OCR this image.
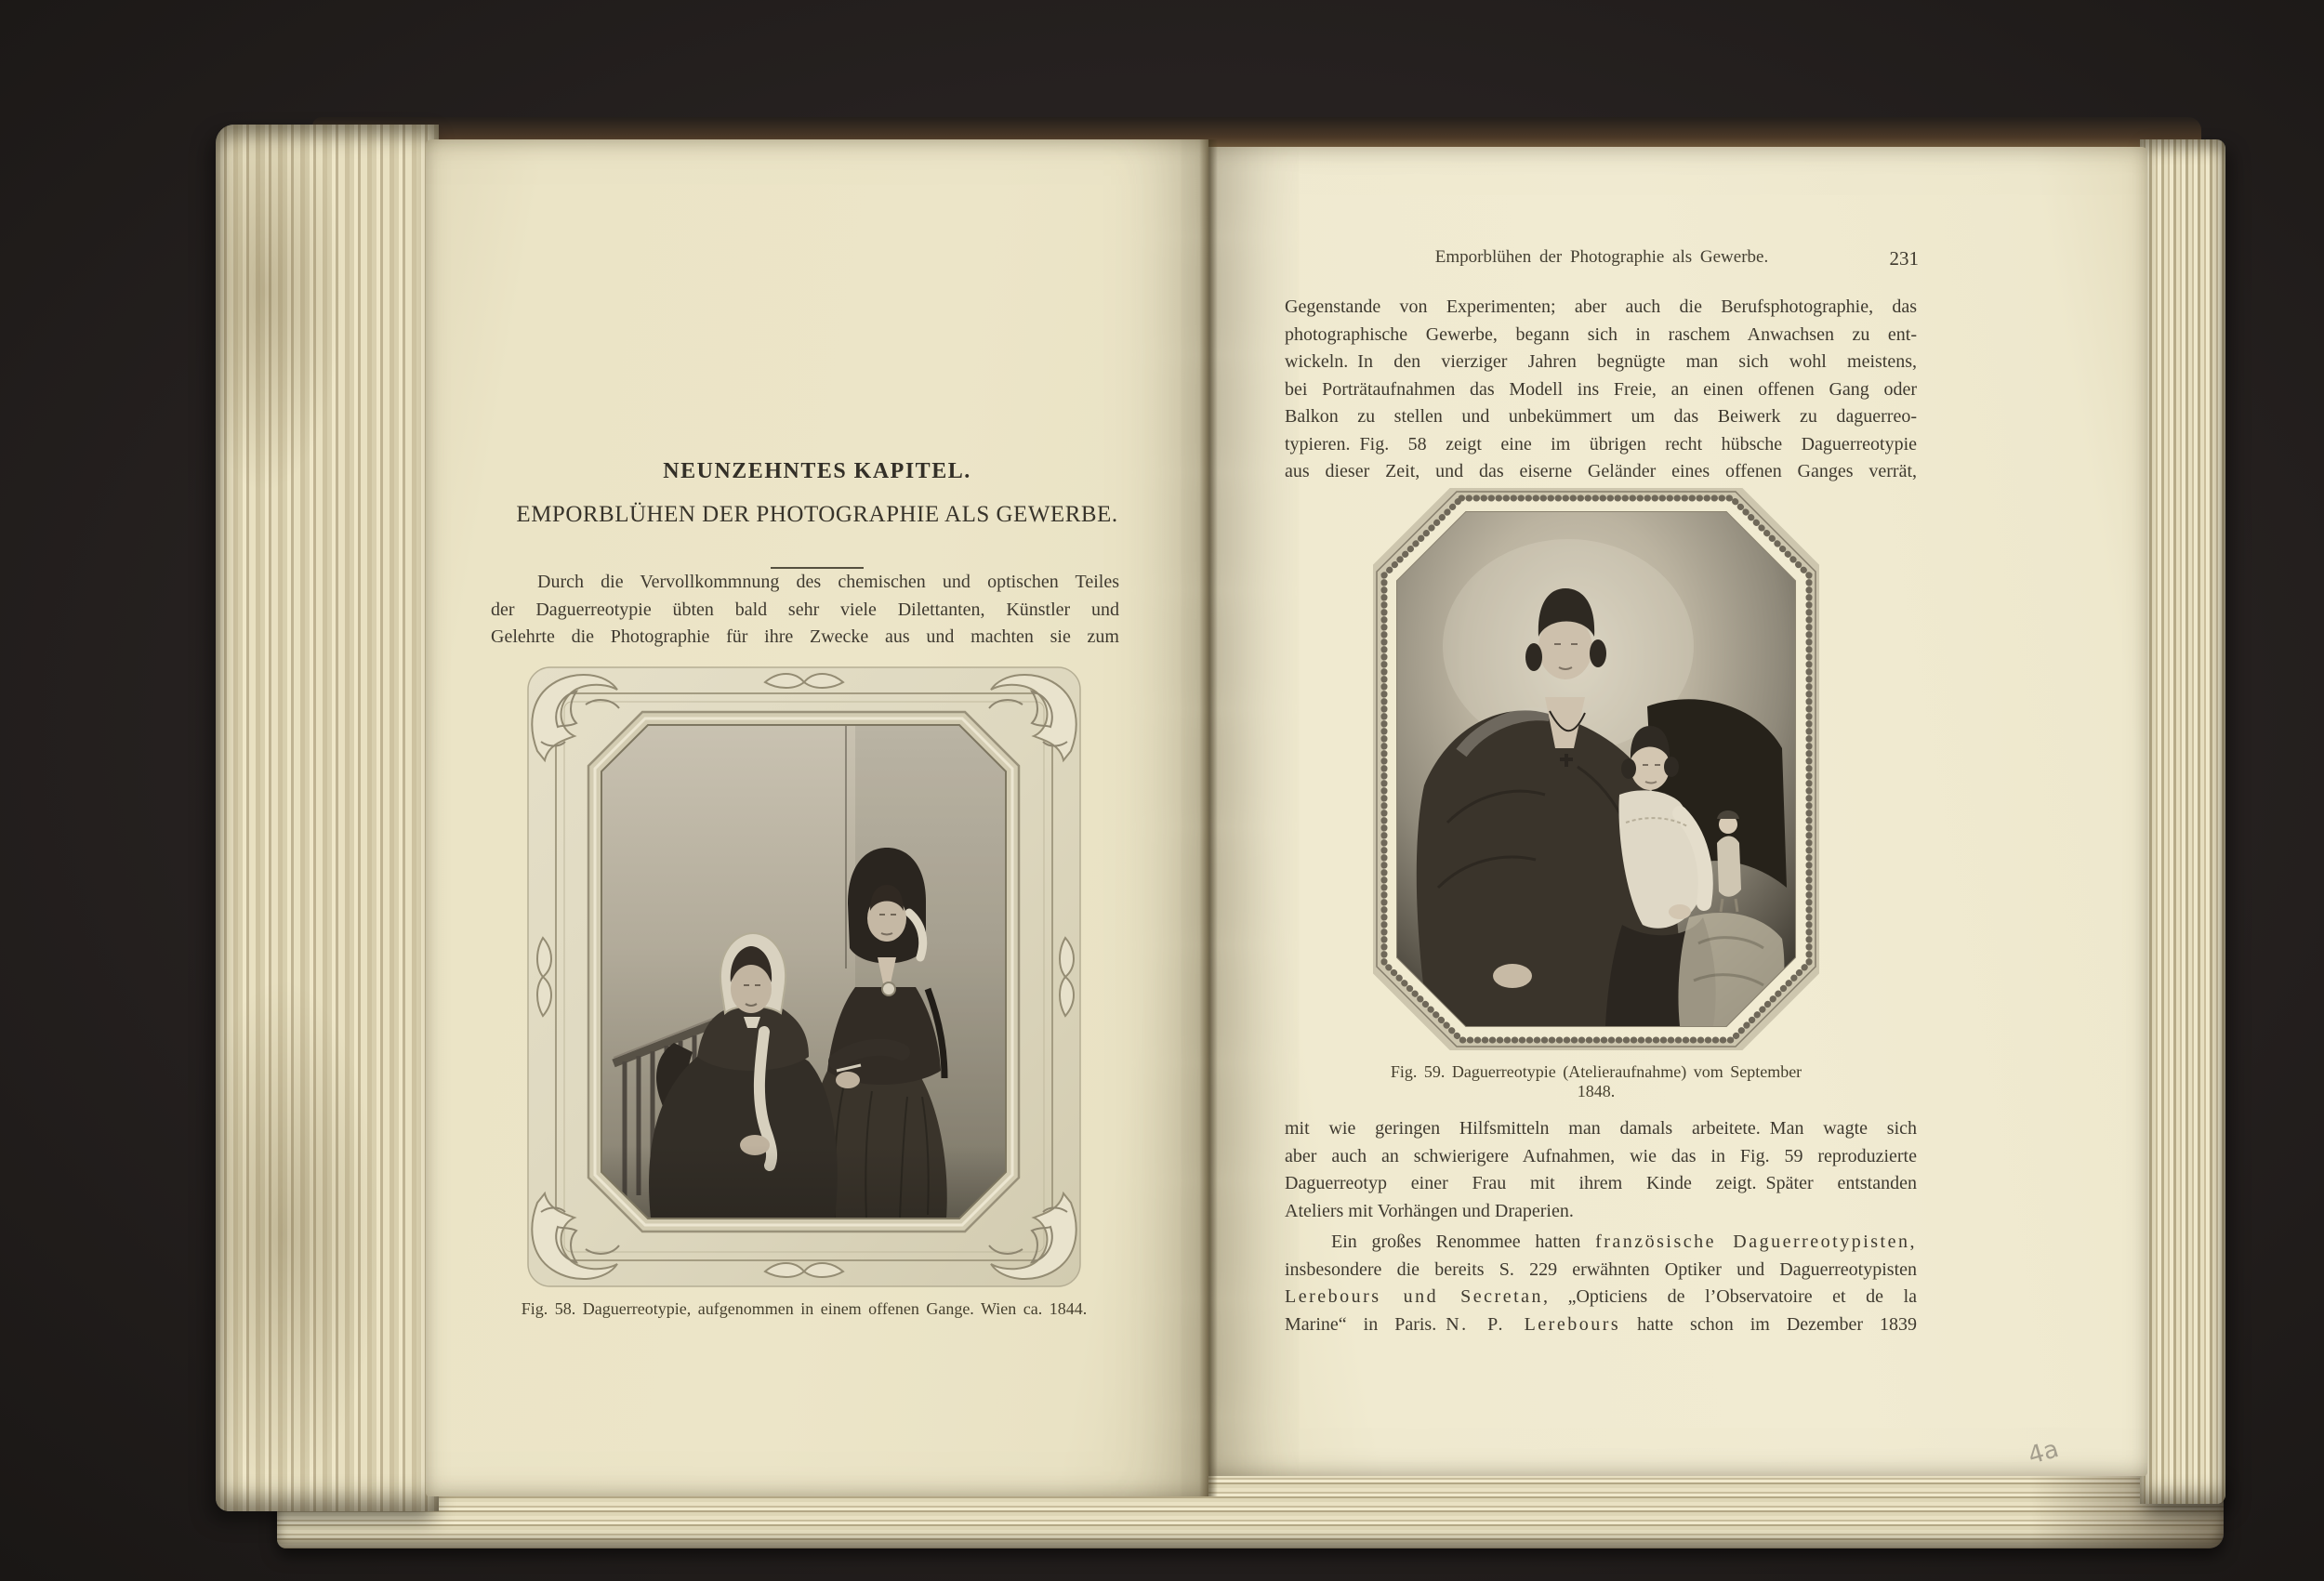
NEUNZEHNTES KAPITEL.
EMPORBLÜHEN DER PHOTOGRAPHIE ALS GEWERBE.
Durch die Vervollkommnung des chemischen und optischen Teiles
der Daguerreotypie übten bald sehr viele Dilettanten, Künstler und
Gelehrte die Photographie für ihre Zwecke aus und machten sie zum
Fig. 58. Daguerreotypie, aufgenommen in einem offenen Gange. Wien ca. 1844.
Emporblühen der Photographie als Gewerbe.	231
Gegenstande von Experimenten; aber auch die Berufsphotographie, das
photographische Gewerbe, begann sich in raschem Anwachsen zu ent-
wickeln. In den vierziger Jahren begnügte man sich wohl meistens,
bei Porträtaufnahmen das Modell ins Freie, an einen offenen Gang oder
Balkon zu stellen und unbekümmert um das Beiwerk zu daguerreo-
typieren. Fig. 58 zeigt eine im übrigen recht hübsche Daguerreotypie
aus dieser Zeit, und das eiserne Geländer eines offenen Ganges verrät,
Fig. 59. Daguerreotypie (Atelieraufnahme) vom September 1848.
mit wie geringen Hilfsmitteln man damals arbeitete. Man wagte sich
aber auch an schwierigere Aufnahmen, wie das in Fig. 59 reproduzierte
Daguerreotyp einer Frau mit ihrem Kinde zeigt. Später entstanden
Ateliers mit Vorhängen und Draperien.
Ein großes Renommee hatten französische Daguerreotypisten,
insbesondere die bereits S. 229 erwähnten Optiker und Daguerreotypisten
Lerebours und Secretan, „Opticiens de l’Observatoire et de la
Marine“ in Paris. N. P. Lerebours hatte schon im Dezember 1839
4a
